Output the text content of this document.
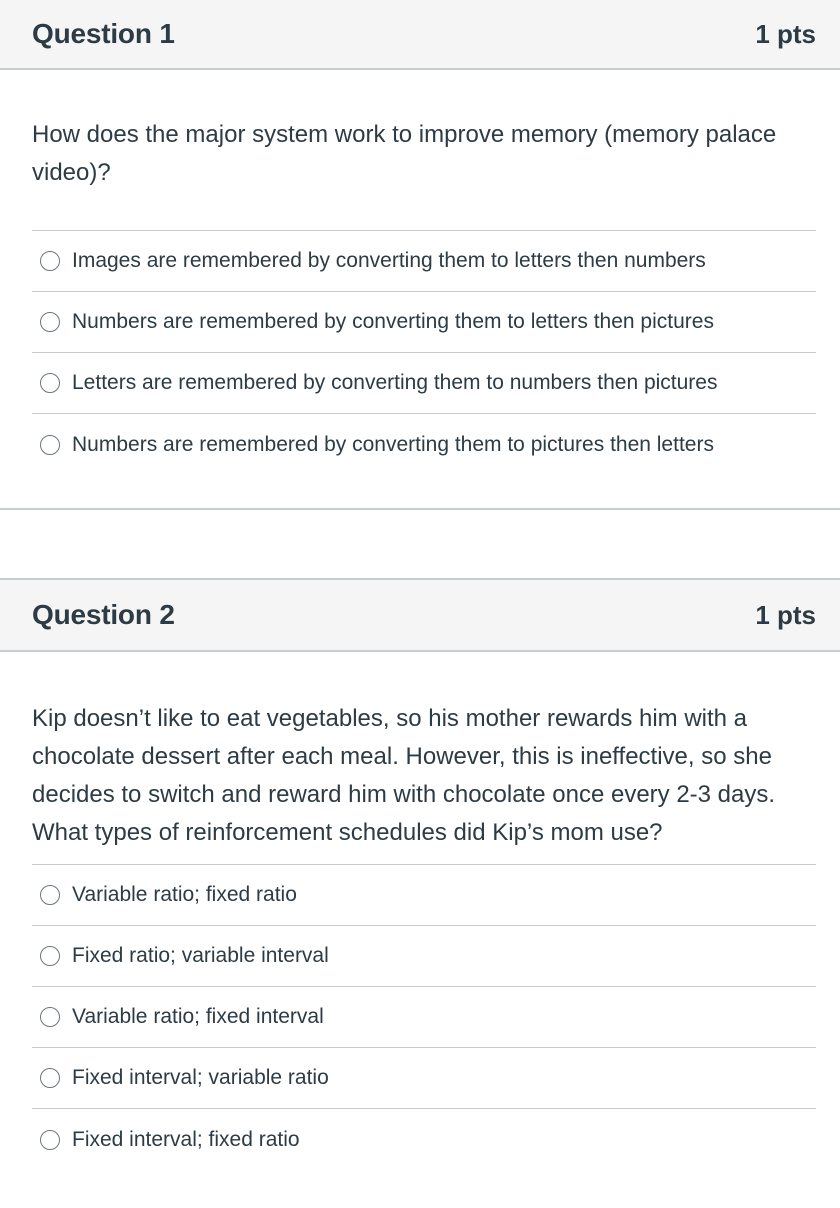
Question 1	1 pts
How does the major system work to improve memory (memory palace video)?
Images are remembered by converting them to letters then numbers
Numbers are remembered by converting them to letters then pictures
Letters are remembered by converting them to numbers then pictures
Numbers are remembered by converting them to pictures then letters
Question 2	1 pts
Kip doesn’t like to eat vegetables, so his mother rewards him with a chocolate dessert after each meal. However, this is ineffective, so she decides to switch and reward him with chocolate once every 2-3 days. What types of reinforcement schedules did Kip’s mom use?
Variable ratio; fixed ratio
Fixed ratio; variable interval
Variable ratio; fixed interval
Fixed interval; variable ratio
Fixed interval; fixed ratio
